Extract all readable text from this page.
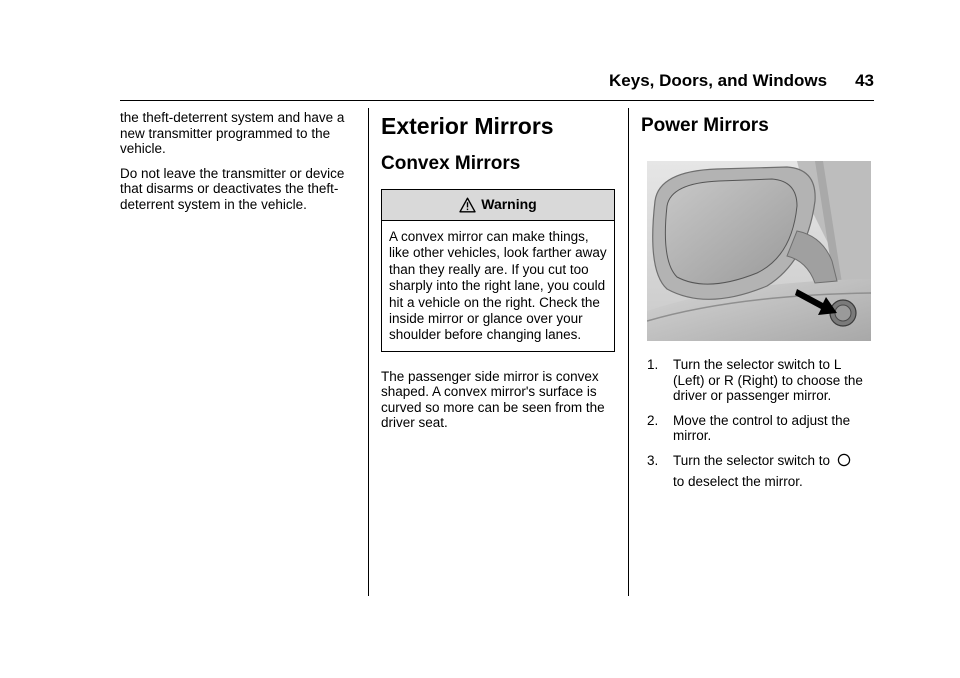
Keys, Doors, and Windows 43

the theft-deterrent system and have a new transmitter programmed to the vehicle.

Do not leave the transmitter or device that disarms or deactivates the theft-deterrent system in the vehicle.

Exterior Mirrors
Convex Mirrors
Warning
A convex mirror can make things, like other vehicles, look farther away than they really are. If you cut too sharply into the right lane, you could hit a vehicle on the right. Check the inside mirror or glance over your shoulder before changing lanes.

The passenger side mirror is convex shaped. A convex mirror's surface is curved so more can be seen from the driver seat.

Power Mirrors
1. Turn the selector switch to L (Left) or R (Right) to choose the driver or passenger mirror.
2. Move the control to adjust the mirror.
3. Turn the selector switch to
to deselect the mirror.
